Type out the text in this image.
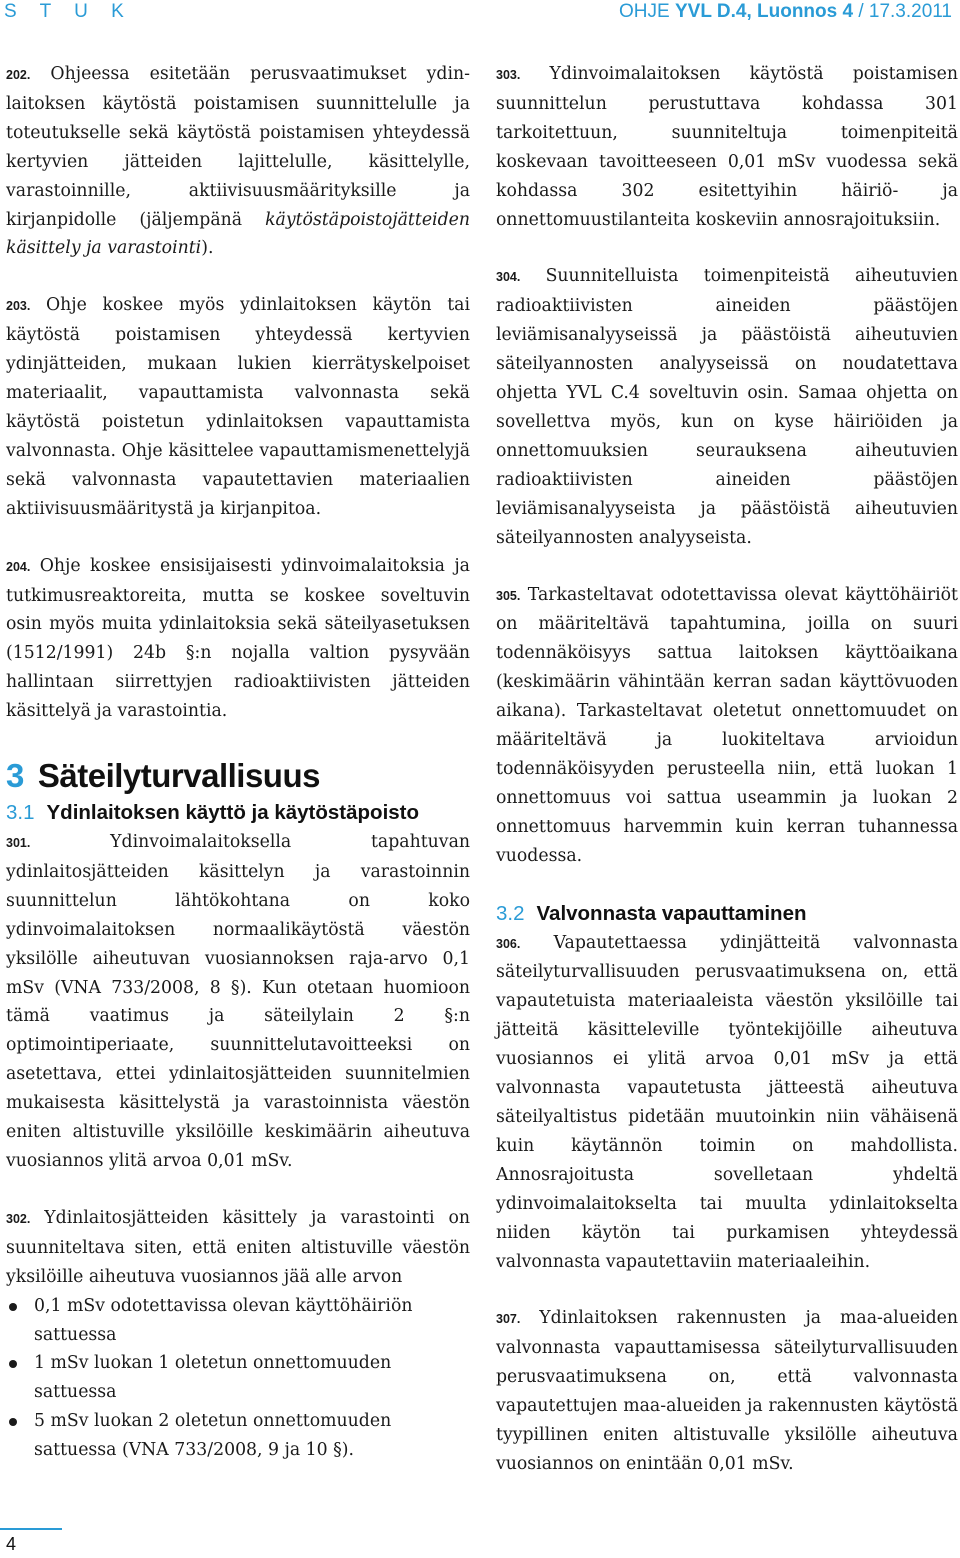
S T U K	OHJE YVL D.4, Luonnos 4 / 17.3.2011

202. Ohjeessa esitetään perusvaatimukset ydin-laitoksen käytöstä poistamisen suunnittelulle ja toteutukselle sekä käytöstä poistamisen yhteydessä kertyvien jätteiden lajittelulle, käsittelylle, varastoinnille, aktiivisuusmäärityksille ja kirjanpidolle (jäljempänä käytöstäpoistojätteiden käsittely ja varastointi).

203. Ohje koskee myös ydinlaitoksen käytön tai käytöstä poistamisen yhteydessä kertyvien ydinjätteiden, mukaan lukien kierrätyskelpoiset materiaalit, vapauttamista valvonnasta sekä käytöstä poistetun ydinlaitoksen vapauttamista valvonnasta. Ohje käsittelee vapauttamismenettelyjä sekä valvonnasta vapautettavien materiaalien aktiivisuusmääritystä ja kirjanpitoa.

204. Ohje koskee ensisijaisesti ydinvoimalaitoksia ja tutkimusreaktoreita, mutta se koskee soveltuvin osin myös muita ydinlaitoksia sekä säteilyasetuksen (1512/1991) 24b §:n nojalla valtion pysyvään hallintaan siirrettyjen radioaktiivisten jätteiden käsittelyä ja varastointia.

3 Säteilyturvallisuus
3.1 Ydinlaitoksen käyttö ja käytöstäpoisto

301. Ydinvoimalaitoksella tapahtuvan ydinlaitosjätteiden käsittelyn ja varastoinnin suunnittelun lähtökohtana on koko ydinvoimalaitoksen normaalikäytöstä väestön yksilölle aiheutuvan vuosiannoksen raja-arvo 0,1 mSv (VNA 733/2008, 8 §). Kun otetaan huomioon tämä vaatimus ja säteilylain 2 §:n optimointiperiaate, suunnittelutavoitteeksi on asetettava, ettei ydinlaitosjätteiden suunnitelmien mukaisesta käsittelystä ja varastoinnista väestön eniten altistuville yksilöille keskimäärin aiheutuva vuosiannos ylitä arvoa 0,01 mSv.

302. Ydinlaitosjätteiden käsittely ja varastointi on suunniteltava siten, että eniten altistuville väestön yksilöille aiheutuva vuosiannos jää alle arvon

0,1 mSv odotettavissa olevan käyttöhäiriön sattuessa
1 mSv luokan 1 oletetun onnettomuuden sattuessa
5 mSv luokan 2 oletetun onnettomuuden sattuessa (VNA 733/2008, 9 ja 10 §).

303. Ydinvoimalaitoksen käytöstä poistamisen suunnittelun perustuttava kohdassa 301 tarkoitettuun, suunniteltuja toimenpiteitä koskevaan tavoitteeseen 0,01 mSv vuodessa sekä kohdassa 302 esitettyihin häiriö- ja onnettomuustilanteita koskeviin annosrajoituksiin.

304. Suunnitelluista toimenpiteistä aiheutuvien radioaktiivisten aineiden päästöjen leviämisanalyyseissä ja päästöistä aiheutuvien säteilyannosten analyyseissä on noudatettava ohjetta YVL C.4 soveltuvin osin. Samaa ohjetta on sovellettva myös, kun on kyse häiriöiden ja onnettomuuksien seurauksena aiheutuvien radioaktiivisten aineiden päästöjen leviämisanalyyseista ja päästöistä aiheutuvien säteilyannosten analyyseista.

305. Tarkasteltavat odotettavissa olevat käyttöhäiriöt on määriteltävä tapahtumina, joilla on suuri todennäköisyys sattua laitoksen käyttöaikana (keskimäärin vähintään kerran sadan käyttövuoden aikana). Tarkasteltavat oletetut onnettomuudet on määriteltävä ja luokiteltava arvioidun todennäköisyyden perusteella niin, että luokan 1 onnettomuus voi sattua useammin ja luokan 2 onnettomuus harvemmin kuin kerran tuhannessa vuodessa.

3.2 Valvonnasta vapauttaminen

306. Vapautettaessa ydinjätteitä valvonnasta säteilyturvallisuuden perusvaatimuksena on, että vapautetuista materiaaleista väestön yksilöille tai jätteitä käsitteleville työntekijöille aiheutuva vuosiannos ei ylitä arvoa 0,01 mSv ja että valvonnasta vapautetusta jätteestä aiheutuva säteilyaltistus pidetään muutoinkin niin vähäisenä kuin käytännön toimin on mahdollista. Annosrajoitusta sovelletaan yhdeltä ydinvoimalaitokselta tai muulta ydinlaitokselta niiden käytön tai purkamisen yhteydessä valvonnasta vapautettaviin materiaaleihin.

307. Ydinlaitoksen rakennusten ja maa-alueiden valvonnasta vapauttamisessa säteilyturvallisuuden perusvaatimuksena on, että valvonnasta vapautettujen maa-alueiden ja rakennusten käytöstä tyypillinen eniten altistuvalle yksilölle aiheutuva vuosiannos on enintään 0,01 mSv.

4
